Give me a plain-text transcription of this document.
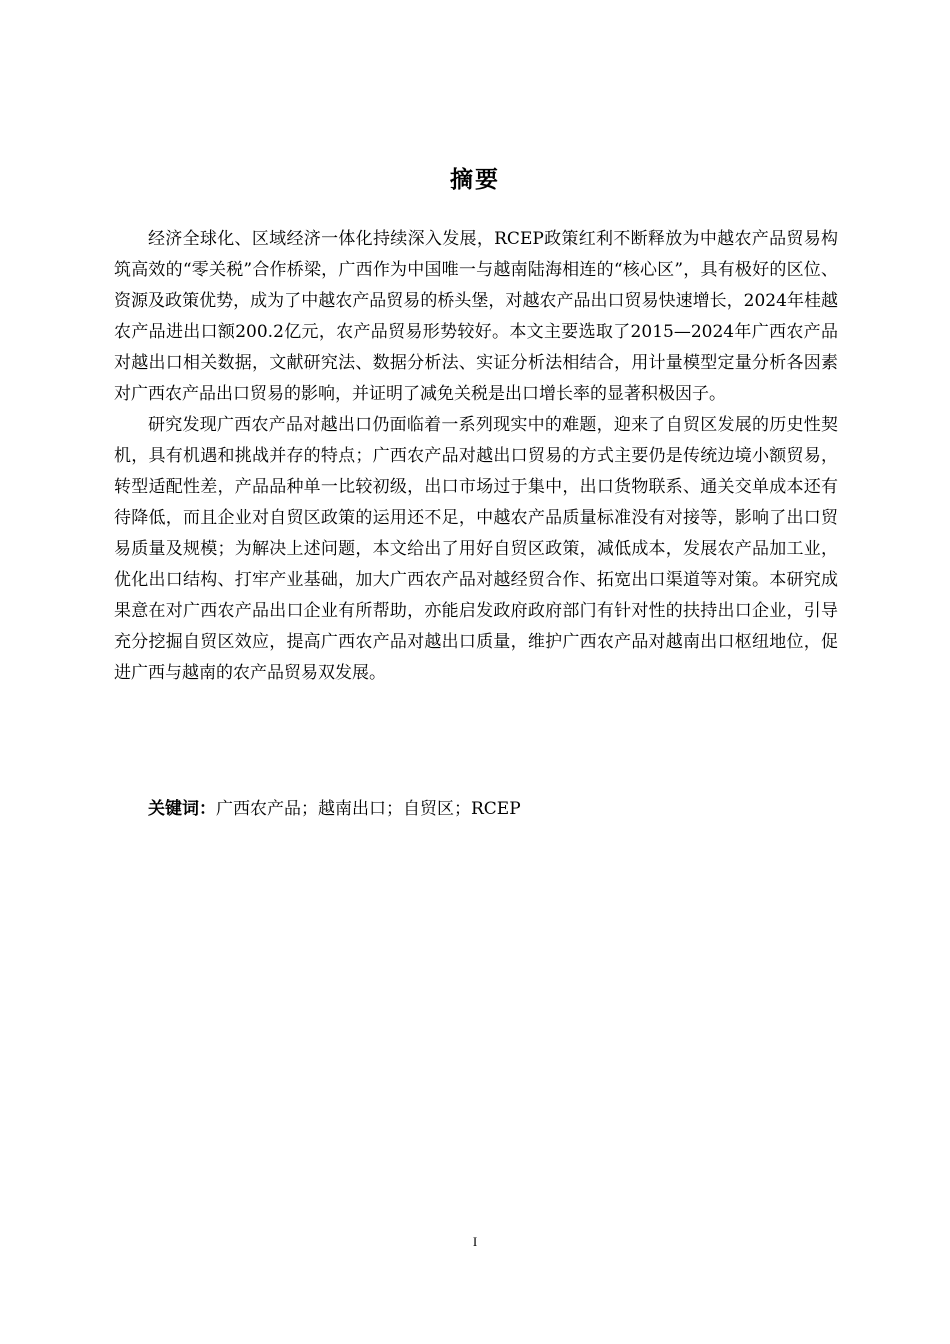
摘要

经济全球化、区域经济一体化持续深入发展，RCEP政策红利不断释放为中越农产品贸易构筑高效的“零关税”合作桥梁，广西作为中国唯一与越南陆海相连的“核心区”，具有极好的区位、资源及政策优势，成为了中越农产品贸易的桥头堡，对越农产品出口贸易快速增长，2024年桂越农产品进出口额200.2亿元，农产品贸易形势较好。本文主要选取了2015—2024年广西农产品对越出口相关数据，文献研究法、数据分析法、实证分析法相结合，用计量模型定量分析各因素对广西农产品出口贸易的影响，并证明了减免关税是出口增长率的显著积极因子。

研究发现广西农产品对越出口仍面临着一系列现实中的难题，迎来了自贸区发展的历史性契机，具有机遇和挑战并存的特点；广西农产品对越出口贸易的方式主要仍是传统边境小额贸易，转型适配性差，产品品种单一比较初级，出口市场过于集中，出口货物联系、通关交单成本还有待降低，而且企业对自贸区政策的运用还不足，中越农产品质量标准没有对接等，影响了出口贸易质量及规模；为解决上述问题，本文给出了用好自贸区政策，减低成本，发展农产品加工业，优化出口结构、打牢产业基础，加大广西农产品对越经贸合作、拓宽出口渠道等对策。本研究成果意在对广西农产品出口企业有所帮助，亦能启发政府政府部门有针对性的扶持出口企业，引导充分挖掘自贸区效应，提高广西农产品对越出口质量，维护广西农产品对越南出口枢纽地位，促进广西与越南的农产品贸易双发展。

关键词：广西农产品；越南出口；自贸区；RCEP
I
